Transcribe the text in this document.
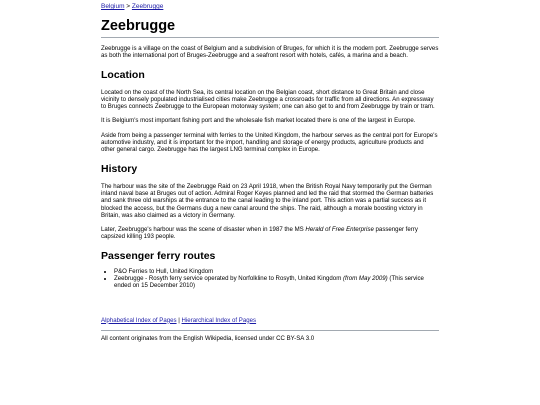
Belgium > Zeebrugge
Zeebrugge

Zeebrugge is a village on the coast of Belgium and a subdivision of Bruges, for which it is the modern port. Zeebrugge serves as both the international port of Bruges-Zeebrugge and a seafront resort with hotels, cafés, a marina and a beach.

Location

Located on the coast of the North Sea, its central location on the Belgian coast, short distance to Great Britain and close vicinity to densely populated industrialised cities make Zeebrugge a crossroads for traffic from all directions. An expressway to Bruges connects Zeebrugge to the European motorway system; one can also get to and from Zeebrugge by train or tram.

It is Belgium's most important fishing port and the wholesale fish market located there is one of the largest in Europe.

Aside from being a passenger terminal with ferries to the United Kingdom, the harbour serves as the central port for Europe's automotive industry, and it is important for the import, handling and storage of energy products, agriculture products and other general cargo. Zeebrugge has the largest LNG terminal complex in Europe.

History

The harbour was the site of the Zeebrugge Raid on 23 April 1918, when the British Royal Navy temporarily put the German inland naval base at Bruges out of action. Admiral Roger Keyes planned and led the raid that stormed the German batteries and sank three old warships at the entrance to the canal leading to the inland port. This action was a partial success as it blocked the access, but the Germans dug a new canal around the ships. The raid, although a morale boosting victory in Britain, was also claimed as a victory in Germany.

Later, Zeebrugge's harbour was the scene of disaster when in 1987 the MS Herald of Free Enterprise passenger ferry capsized killing 193 people.

Passenger ferry routes
• P&O Ferries to Hull, United Kingdom
• Zeebrugge - Rosyth ferry service operated by Norfolkline to Rosyth, United Kingdom (from May 2009) (This service ended on 15 December 2010)
Alphabetical Index of Pages | Hierarchical Index of Pages
All content originates from the English Wikipedia, licensed under CC BY-SA 3.0
